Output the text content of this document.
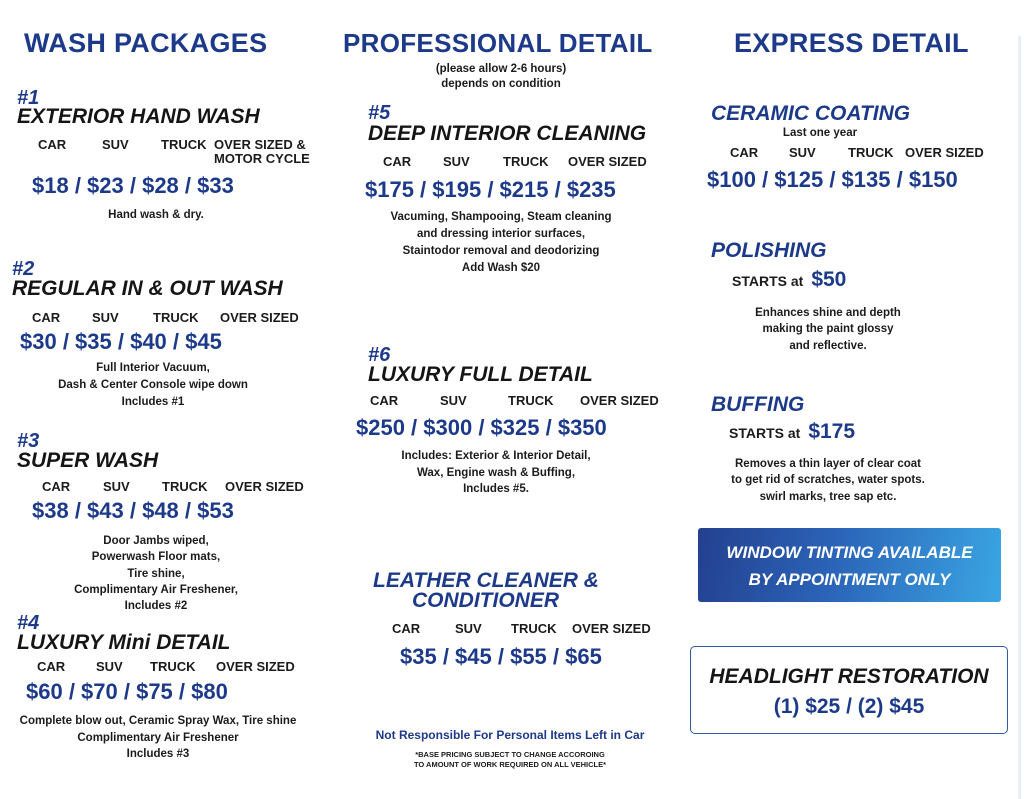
WASH PACKAGES	PROFESSIONAL DETAIL	EXPRESS DETAIL
(please allow 2-6 hours)
depends on condition
#1
EXTERIOR HAND WASH
CAR	SUV TRUCK OVER SIZED &
MOTOR CYCLE
$18 / $23 / $28 / $33
Hand wash & dry.
#2
REGULAR IN & OUT WASH
CAR SUV	TRUCK OVER SIZED
$30 / $35 / $40 / $45
Full Interior Vacuum,
Dash & Center Console wipe down
Includes #1
#3
SUPER WASH
CAR	SUV TRUCK OVER SIZED
$38 / $43 / $48 / $53
Door Jambs wiped,
Powerwash Floor mats,
Tire shine,
Complimentary Air Freshener,
Includes #2
#4
LUXURY Mini DETAIL
CAR SUV TRUCK OVER SIZED
$60 / $70 / $75 / $80
Complete blow out, Ceramic Spray Wax, Tire shine
Complimentary Air Freshener
Includes #3
#5
DEEP INTERIOR CLEANING
CAR SUV	TRUCK OVER SIZED
$175 / $195 / $215 / $235
Vacuming, Shampooing, Steam cleaning
and dressing interior surfaces,
Staintodor removal and deodorizing
Add Wash $20
#6
LUXURY FULL DETAIL
CAR	SUV	TRUCK OVER SIZED
$250 / $300 / $325 / $350
Includes: Exterior & Interior Detail,
Wax, Engine wash & Buffing,
Includes #5.
LEATHER CLEANER &
CONDITIONER
CAR	SUV TRUCK OVER SIZED
$35 / $45 / $55 / $65
Not Responsible For Personal Items Left in Car
*BASE PRICING SUBJECT TO CHANGE ACCOROING
TO AMOUNT OF WORK REQUIRED ON ALL VEHICLE*
CERAMIC COATING
Last one year
CAR SUV TRUCK OVER SIZED
$100 / $125 / $135 / $150
POLISHING
STARTS at $50
Enhances shine and depth
making the paint glossy
and reflective.
BUFFING
STARTS at $175
Removes a thin layer of clear coat
to get rid of scratches, water spots.
swirl marks, tree sap etc.
WINDOW TINTING AVAILABLE
BY APPOINTMENT ONLY
HEADLIGHT RESTORATION
(1) $25 / (2) $45
